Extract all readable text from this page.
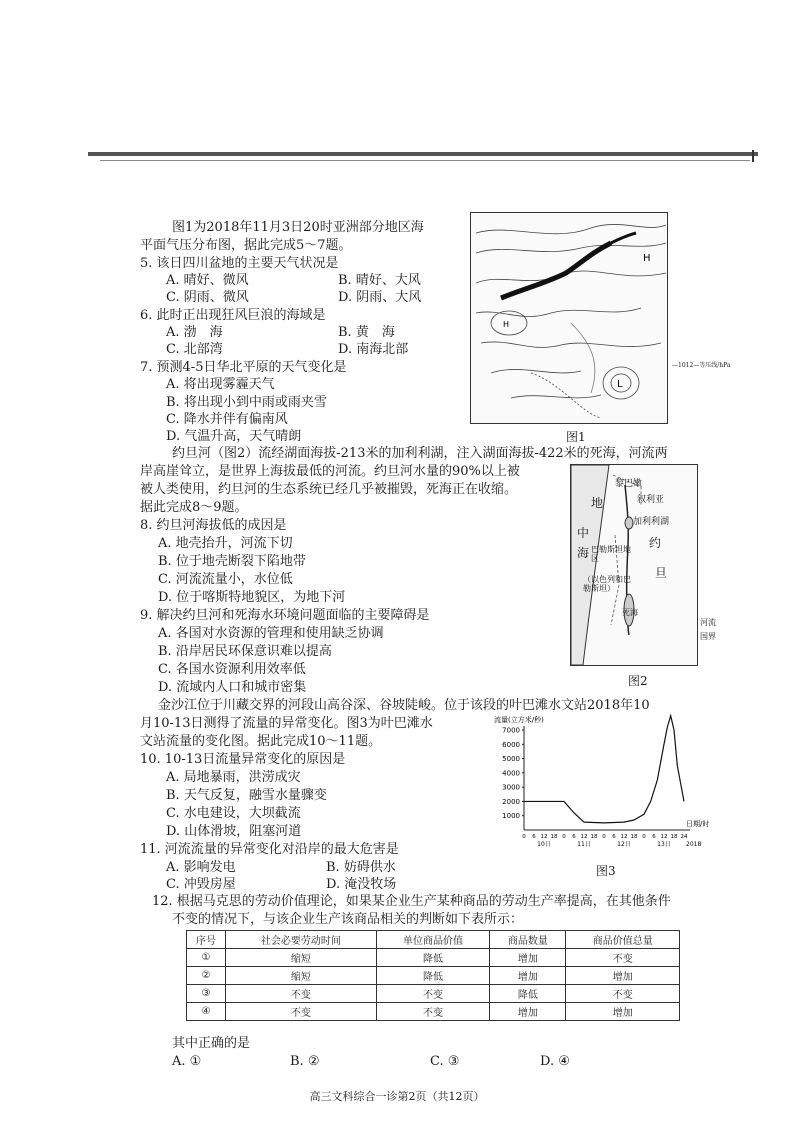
图1为2018年11月3日20时亚洲部分地区海
平面气压分布图，据此完成5～7题。
5. 该日四川盆地的主要天气状况是
A. 晴好、微风	B. 晴好、大风
C. 阴雨、微风	D. 阴雨、大风
6. 此时正出现狂风巨浪的海域是
A. 渤　海	B. 黄　海
C. 北部湾	D. 南海北部
7. 预测4-5日华北平原的天气变化是
A. 将出现雾霾天气
B. 将出现小到中雨或雨夹雪
C. 降水并伴有偏南风
D. 气温升高，天气晴朗
H
H
L
—1012—等压线/hPa
图1
约旦河（图2）流经湖面海拔-213米的加利利湖，注入湖面海拔-422米的死海，河流两
岸高崖耸立，是世界上海拔最低的河流。约旦河水量的90%以上被
被人类使用，约旦河的生态系统已经几乎被摧毁，死海正在收缩。
据此完成8～9题。
8. 约旦河海拔低的成因是
A. 地壳抬升，河流下切
B. 位于地壳断裂下陷地带
C. 河流流量小，水位低
D. 位于喀斯特地貌区，为地下河
9. 解决约旦河和死海水环境问题面临的主要障碍是
A. 各国对水资源的管理和使用缺乏协调
B. 沿岸居民环保意识难以提高
C. 各国水资源利用效率低
D. 流域内人口和城市密集
黎巴嫩
叙利亚
加利利湖
地
中
海 巴勒斯坦地区
（以色列和巴勒斯坦）
约
旦
死海
河流
国界
图2
金沙江位于川藏交界的河段山高谷深、谷坡陡峻。位于该段的叶巴滩水文站2018年10
月10-13日测得了流量的异常变化。图3为叶巴滩水
文站流量的变化图。据此完成10～11题。
10. 10-13日流量异常变化的原因是
A. 局地暴雨，洪涝成灾
B. 天气反复，融雪水量骤变
C. 水电建设，大坝截流
D. 山体滑坡，阻塞河道
11. 河流流量的异常变化对沿岸的最大危害是
A. 影响发电	B. 妨碍供水
C. 冲毁房屋	D. 淹没牧场
流量(立方米/秒)
1000
2000
3000
4000
5000
6000
7000
0 6 12 18 0 6 12 18 0 6 12 18 0 6 12 18 24
10日	11日	12日	13日
日期/时
2018
图3
12. 根据马克思的劳动价值理论，如果某企业生产某种商品的劳动生产率提高，在其他条件
不变的情况下，与该企业生产该商品相关的判断如下表所示：
序号	社会必要劳动时间	单位商品价值	商品数量	商品价值总量
①	缩短	降低	增加	不变
②	缩短	降低	增加	增加
③	不变	不变	降低	不变
④	不变	不变	增加	增加
其中正确的是
A. ①	B. ②	C. ③	D. ④
高三文科综合一诊第2页（共12页）
